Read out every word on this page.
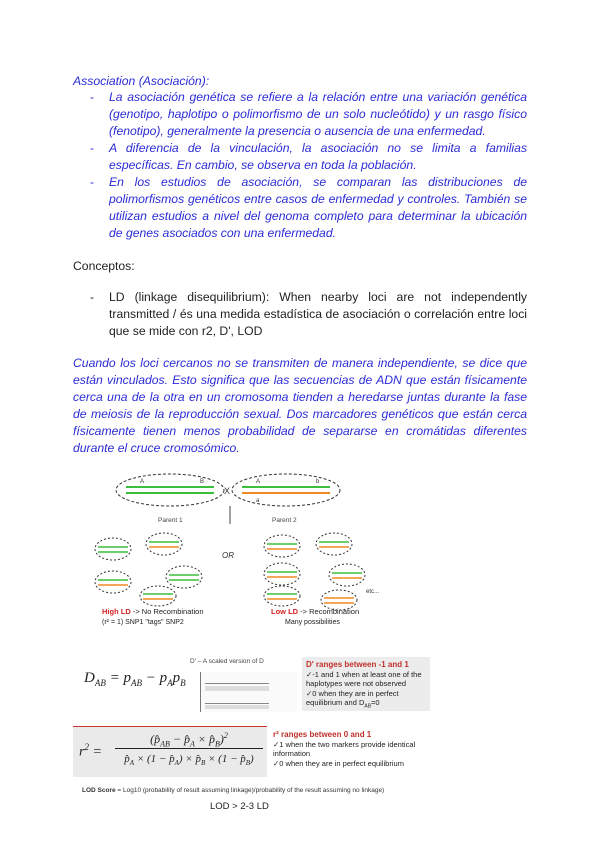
Association (Asociación):
- La asociación genética se refiere a la relación entre una variación genética (genotipo, haplotipo o polimorfismo de un solo nucleótido) y un rasgo físico (fenotipo), generalmente la presencia o ausencia de una enfermedad.
- A diferencia de la vinculación, la asociación no se limita a familias específicas. En cambio, se observa en toda la población.
- En los estudios de asociación, se comparan las distribuciones de polimorfismos genéticos entre casos de enfermedad y controles. También se utilizan estudios a nivel del genoma completo para determinar la ubicación de genes asociados con una enfermedad.
Conceptos:
- LD (linkage disequilibrium): When nearby loci are not independently transmitted / és una medida estadística de asociación o correlación entre loci que se mide con r2, D', LOD
Cuando los loci cercanos no se transmiten de manera independiente, se dice que están vinculados. Esto significa que las secuencias de ADN que están físicamente cerca una de la otra en un cromosoma tienden a heredarse juntas durante la fase de meiosis de la reproducción sexual. Dos marcadores genéticos que están cerca físicamente tienen menos probabilidad de separarse en cromátidas diferentes durante el cruce cromosómico.
A	B	A	b
a
X
Parent 1	Parent 2
OR
etc...
High LD -> No Recombination
(r² = 1) SNP1 "tags" SNP2
Low LD -> Recombination
Many possibilities
$D_{AB} = p_{AB} - p_Ap_B$
D' – A scaled version of D	D' ranges between -1 and 1
✓-1 and 1 when at least one of the haplotypes were not observed
✓0 when they are in perfect equilibrium and $D_{AB}=0$
$r^2$ =
($p̂_{AB}$ − $p̂_A$ × $p̂_B)^2$
$p̂_A \times (1$ − $p̂_A$) × $p̂_B \times (1$ − $p̂_B$)
r² ranges between 0 and 1
✓1 when the two markers provide identical information
✓0 when they are in perfect equilibrium
LOD Score = Log10 (probability of result assuming linkage)/probability of the result assuming no linkage)
LOD > 2-3 LD
